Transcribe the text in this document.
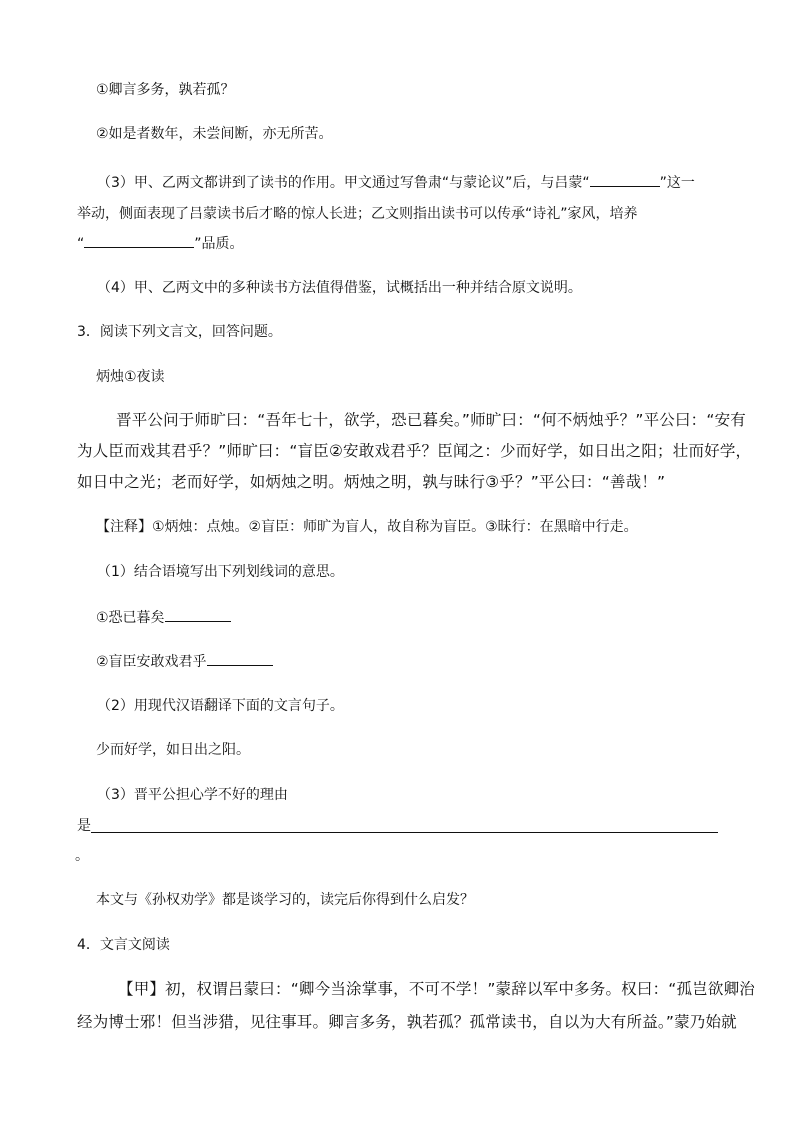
①卿言多务，孰若孤？
②如是者数年，未尝间断，亦无所苦。
（3）甲、乙两文都讲到了读书的作用。甲文通过写鲁肃“与蒙论议”后，与吕蒙“	”这一
举动，侧面表现了吕蒙读书后才略的惊人长进；乙文则指出读书可以传承“诗礼”家风，培养
“	”品质。
（4）甲、乙两文中的多种读书方法值得借鉴，试概括出一种并结合原文说明。
3．阅读下列文言文，回答问题。
炳烛①夜读
晋平公问于师旷曰：“吾年七十，欲学，恐已暮矣。”师旷曰：“何不炳烛乎？”平公曰：“安有
为人臣而戏其君乎？”师旷曰：“盲臣②安敢戏君乎？臣闻之：少而好学，如日出之阳；壮而好学，
如日中之光；老而好学，如炳烛之明。炳烛之明，孰与昧行③乎？”平公曰：“善哉！”
【注释】①炳烛：点烛。②盲臣：师旷为盲人，故自称为盲臣。③昧行：在黑暗中行走。
（1）结合语境写出下列划线词的意思。
①恐已暮矣
②盲臣安敢戏君乎
（2）用现代汉语翻译下面的文言句子。
少而好学，如日出之阳。
（3）晋平公担心学不好的理由
是
。
本文与《孙权劝学》都是谈学习的，读完后你得到什么启发？
4．文言文阅读
【甲】初，权谓吕蒙曰：“卿今当涂掌事，不可不学！”蒙辞以军中多务。权曰：“孤岂欲卿治
经为博士邪！但当涉猎，见往事耳。卿言多务，孰若孤？孤常读书，自以为大有所益。”蒙乃始就
